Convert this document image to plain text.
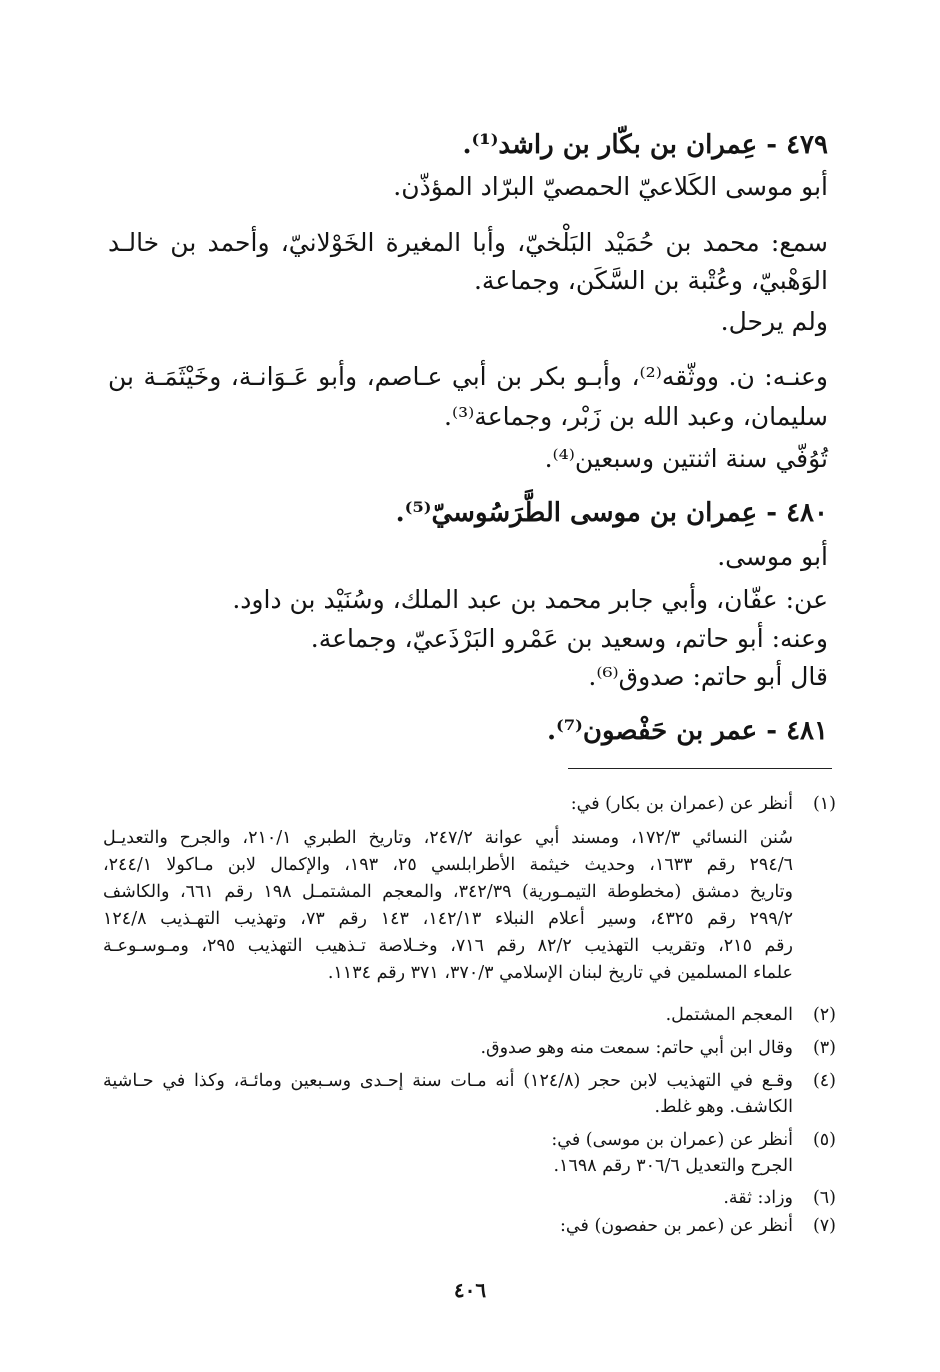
٤٧٩ - عِمران بن بكّار بن راشد⁽¹⁾.
أبو موسى الكَلاعيّ الحمصيّ البرّاد المؤذّن.
سمع: محمد بن حُمَيْد البَلْخيّ، وأبا المغيرة الخَوْلانيّ، وأحمد بن خالـد
الوَهْبيّ، وعُتْبة بن السَّكَن، وجماعة.
ولم يرحل.
وعنـه: ن. ووثّقه⁽²⁾، وأبـو بكر بن أبي عـاصم، وأبو عَـوَانـة، وخَيْثَمَـة بن
سليمان، وعبد الله بن زَبْر، وجماعة⁽³⁾.
تُوُفّي سنة اثنتين وسبعين⁽⁴⁾.
٤٨٠ - عِمران بن موسى الطَّرَسُوسيّ⁽⁵⁾.
أبو موسى.
عن: عفّان، وأبي جابر محمد بن عبد الملك، وسُنَيْد بن داود.
وعنه: أبو حاتم، وسعيد بن عَمْرو البَرْذَعيّ، وجماعة.
قال أبو حاتم: صدوق⁽⁶⁾.
٤٨١ - عمر بن حَفْصون⁽⁷⁾.
(١)
أنظر عن (عمران بن بكار) في:
سُنن النسائي ١٧٢/٣، ومسند أبي عوانة ٢٤٧/٢، وتاريخ الطبري ٢١٠/١، والجرح والتعديـل
٢٩٤/٦ رقم ١٦٣٣، وحديث خيثمة الأطرابلسي ٢٥، ١٩٣، والإكمال لابن مـاكولا ٢٤٤/١،
وتاريخ دمشق (مخطوطة التيمـورية) ٣٤٢/٣٩، والمعجم المشتمـل ١٩٨ رقم ٦٦١، والكاشف
٢٩٩/٢ رقم ٤٣٢٥، وسير أعلام النبلاء ١٤٢/١٣، ١٤٣ رقم ٧٣، وتهذيب التهـذيب ١٢٤/٨
رقم ٢١٥، وتقريب التهذيب ٨٢/٢ رقم ٧١٦، وخـلاصة تـذهيب التهذيب ٢٩٥، ومـوسـوعـة
علماء المسلمين في تاريخ لبنان الإسلامي ٣٧٠/٣، ٣٧١ رقم ١١٣٤.
(٢)
المعجم المشتمل.
(٣)
وقال ابن أبي حاتم: سمعت منه وهو صدوق.
(٤)
وقـع في التهذيب لابن حجر (١٢٤/٨) أنه مـات سنة إحـدى وسـبعين ومائـة، وكذا في حـاشية
الكاشف. وهو غلط.
(٥)
أنظر عن (عمران بن موسى) في:
الجرح والتعديل ٣٠٦/٦ رقم ١٦٩٨.
(٦)
وزاد: ثقة.
(٧)
أنظر عن (عمر بن حفصون) في:
٤٠٦
